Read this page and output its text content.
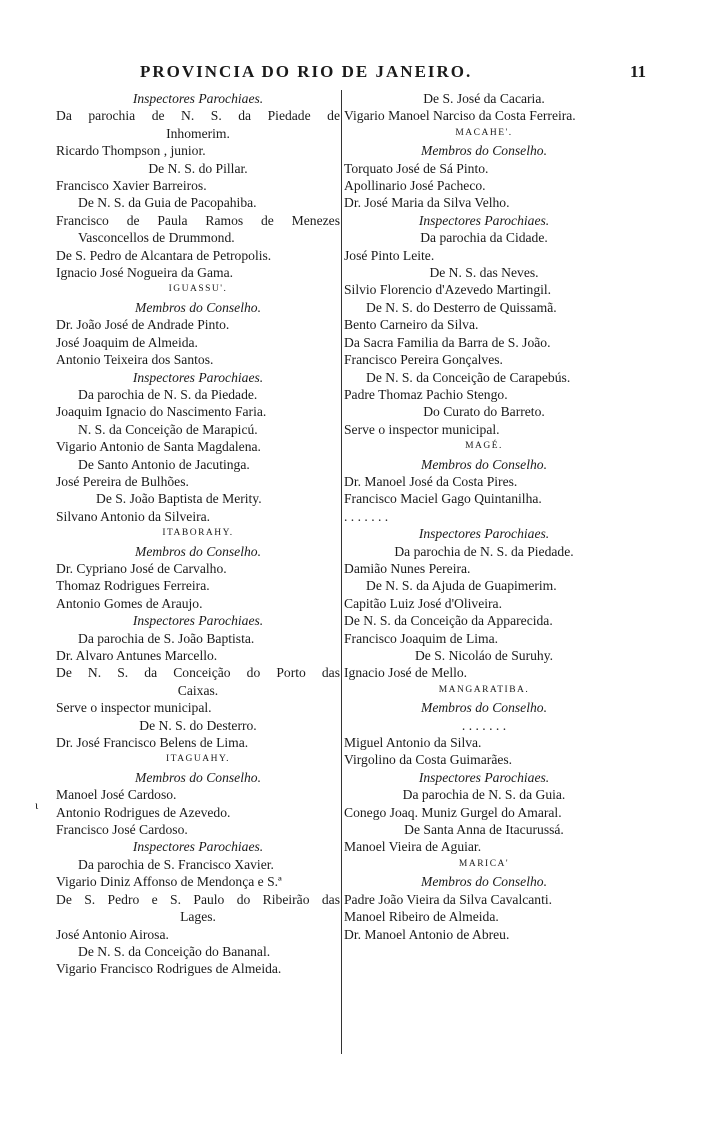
PROVINCIA DO RIO DE JANEIRO.	11
ι
Inspectores Parochiaes.
Da parochia de N. S. da Piedade de
Inhomerim.
Ricardo Thompson , junior.
De N. S. do Pillar.
Francisco Xavier Barreiros.
De N. S. da Guia de Pacopahiba.
Francisco de Paula Ramos de Menezes
Vasconcellos de Drummond.
De S. Pedro de Alcantara de Petropolis.
Ignacio José Nogueira da Gama.
IGUASSU'.
Membros do Conselho.
Dr. João José de Andrade Pinto.
José Joaquim de Almeida.
Antonio Teixeira dos Santos.
Inspectores Parochiaes.
Da parochia de N. S. da Piedade.
Joaquim Ignacio do Nascimento Faria.
N. S. da Conceição de Marapicú.
Vigario Antonio de Santa Magdalena.
De Santo Antonio de Jacutinga.
José Pereira de Bulhões.
De S. João Baptista de Merity.
Silvano Antonio da Silveira.
ITABORAHY.
Membros do Conselho.
Dr. Cypriano José de Carvalho.
Thomaz Rodrigues Ferreira.
Antonio Gomes de Araujo.
Inspectores Parochiaes.
Da parochia de S. João Baptista.
Dr. Alvaro Antunes Marcello.
De N. S. da Conceição do Porto das
Caixas.
Serve o inspector municipal.
De N. S. do Desterro.
Dr. José Francisco Belens de Lima.
ITAGUAHY.
Membros do Conselho.
Manoel José Cardoso.
Antonio Rodrigues de Azevedo.
Francisco José Cardoso.
Inspectores Parochiaes.
Da parochia de S. Francisco Xavier.
Vigario Diniz Affonso de Mendonça e S.ª
De S. Pedro e S. Paulo do Ribeirão das
Lages.
José Antonio Airosa.
De N. S. da Conceição do Bananal.
Vigario Francisco Rodrigues de Almeida.
De S. José da Cacaria.
Vigario Manoel Narciso da Costa Ferreira.
MACAHE'.
Membros do Conselho.
Torquato José de Sá Pinto.
Apollinario José Pacheco.
Dr. José Maria da Silva Velho.
Inspectores Parochiaes.
Da parochia da Cidade.
José Pinto Leite.
De N. S. das Neves.
Silvio Florencio d'Azevedo Martingil.
De N. S. do Desterro de Quissamã.
Bento Carneiro da Silva.
Da Sacra Familia da Barra de S. João.
Francisco Pereira Gonçalves.
De N. S. da Conceição de Carapebús.
Padre Thomaz Pachio Stengo.
Do Curato do Barreto.
Serve o inspector municipal.
MAGÉ.
Membros do Conselho.
Dr. Manoel José da Costa Pires.
Francisco Maciel Gago Quintanilha.
. . . . . . .
Inspectores Parochiaes.
Da parochia de N. S. da Piedade.
Damião Nunes Pereira.
De N. S. da Ajuda de Guapimerim.
Capitão Luiz José d'Oliveira.
De N. S. da Conceição da Apparecida.
Francisco Joaquim de Lima.
De S. Nicoláo de Suruhy.
Ignacio José de Mello.
MANGARATIBA.
Membros do Conselho.
. . . . . . .
Miguel Antonio da Silva.
Virgolino da Costa Guimarães.
Inspectores Parochiaes.
Da parochia de N. S. da Guia.
Conego Joaq. Muniz Gurgel do Amaral.
De Santa Anna de Itacurussá.
Manoel Vieira de Aguiar.
MARICA'
Membros do Conselho.
Padre João Vieira da Silva Cavalcanti.
Manoel Ribeiro de Almeida.
Dr. Manoel Antonio de Abreu.
